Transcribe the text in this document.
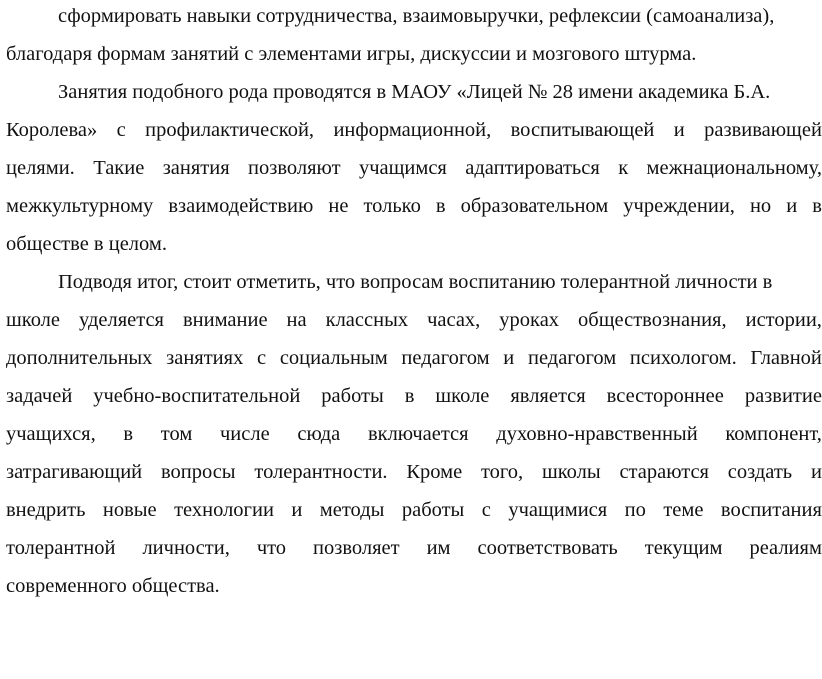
сформировать навыки сотрудничества, взаимовыручки, рефлексии (самоанализа),
благодаря формам занятий с элементами игры, дискуссии и мозгового штурма.
Занятия подобного рода проводятся в МАОУ «Лицей № 28 имени академика Б.А.
Королева» с профилактической, информационной, воспитывающей и развивающей
целями. Такие занятия позволяют учащимся адаптироваться к межнациональному,
межкультурному взаимодействию не только в образовательном учреждении, но и в
обществе в целом.
Подводя итог, стоит отметить, что вопросам воспитанию толерантной личности в
школе уделяется внимание на классных часах, уроках обществознания, истории,
дополнительных занятиях с социальным педагогом и педагогом психологом. Главной
задачей учебно-воспитательной работы в школе является всестороннее развитие
учащихся, в том числе сюда включается духовно-нравственный компонент,
затрагивающий вопросы толерантности. Кроме того, школы стараются создать и
внедрить новые технологии и методы работы с учащимися по теме воспитания
толерантной личности, что позволяет им соответствовать текущим реалиям
современного общества.
